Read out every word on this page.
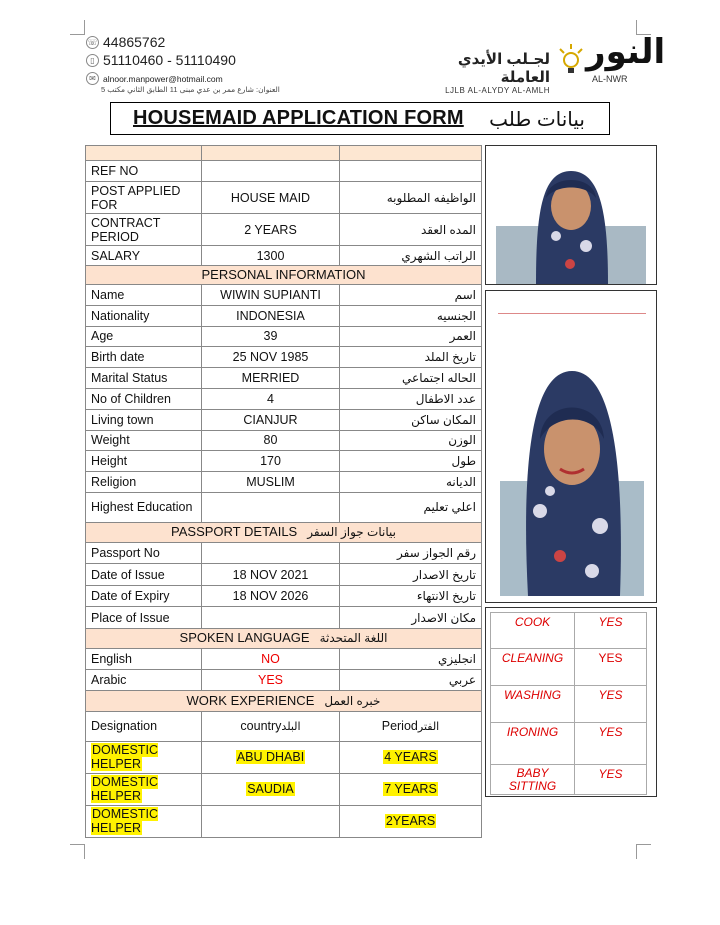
☏ 44865762
▯ 51110460 - 51110490
✉ alnoor.manpower@hotmail.com
العنوان: شارع ممر بن عدي مبنى 11 الطابق الثاني مكتب 5
لجـلب الأيدي العاملة
LJLB AL-ALYDY AL-AMLH
النور
AL-NWR
HOUSEMAID APPLICATION FORM بيانات طلب

REF NO		
POST APPLIED FOR	HOUSE MAID	الواظيفه المطلوبه
CONTRACT PERIOD	2 YEARS	المده العقد
SALARY	1300	الراتب الشهري
PERSONAL INFORMATION		
Name	WIWIN SUPIANTI	اسم
Nationality	INDONESIA	الجنسيه
Age	39	العمر
Birth date	25 NOV 1985	تاريخ الملد
Marital Status	MERRIED	الحاله اجتماعي
No of Children	4	عدد الاطفال
Living town	CIANJUR	المكان ساكن
Weight	80	الوزن
Height	170	طول
Religion	MUSLIM	الديانه
Highest Education		اعلي تعليم
PASSPORT DETAILS بيانات جواز السفر		
Passport No		رقم الجواز سفر
Date of Issue	18 NOV 2021	تاريخ الاصدار
Date of Expiry	18 NOV 2026	تاريخ الانتهاء
Place of Issue		مكان الاصدار
SPOKEN LANGUAGE اللغة المتحدثة		
English	NO	انجليزي
Arabic	YES	عربي
WORK EXPERIENCE خبره العمل		
Designation	countryالبلد	Periodالفتر
DOMESTIC HELPER	ABU DHABI	4 YEARS
DOMESTIC HELPER	SAUDIA	7 YEARS
DOMESTIC HELPER		2YEARS
COOK	YES
CLEANING	YES
WASHING	YES
IRONING	YES
BABY SITTING	YES
